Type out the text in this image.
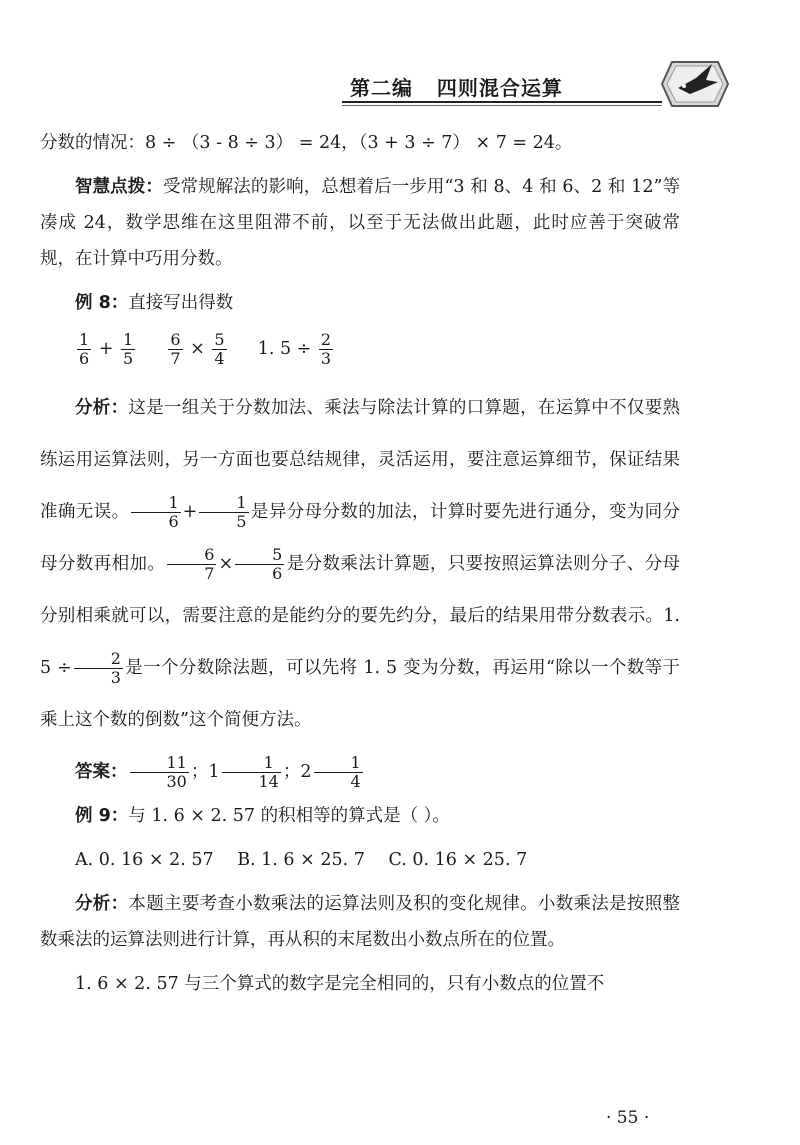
第二编   四则混合运算

分数的情况：8 ÷ （3 - 8 ÷ 3） = 24，（3 + 3 ÷ 7） × 7 = 24。

智慧点拨：受常规解法的影响，总想着后一步用“3 和 8、4 和 6、2 和 12”等凑成 24，数学思维在这里阻滞不前，以至于无法做出此题，此时应善于突破常规，在计算中巧用分数。

例 8：直接写出得数

$\frac{1}{6} + \frac{1}{5}$
$\frac{6}{7} \times \frac{5}{4} 1$. $5 \div \frac{2}{3}$

分析：这是一组关于分数加法、乘法与除法计算的口算题，在运算中不仅要熟练运用运算法则，另一方面也要总结规律，灵活运用，要注意运算细节，保证结果准确无误。 $\frac{1}{6} + \frac{1}{5}$ 是异分母分数的加法，计算时要先进行通分，变为同分母分数再相加。 $\frac{6}{7} \times \frac{5}{6}$ 是分数乘法计算题，只要按照运算法则分子、分母分别相乘就可以，需要注意的是能约分的要先约分，最后的结果用带分数表示。1. $5 \div \frac{2}{3}$ 是一个分数除法题，可以先将 1. 5 变为分数，再运用“除以一个数等于乘上这个数的倒数”这个简便方法。

答案： $\frac{11}{30}$ ；$1 \frac{1}{14}$ ；$2 \frac{1}{4}$

例 9：与 1. 6 × 2. 57 的积相等的算式是（ ）。

A. 0. 16 × 2. 57 B. 1. 6 × 25. 7 C. 0. 16 × 25. 7

分析：本题主要考查小数乘法的运算法则及积的变化规律。小数乘法是按照整数乘法的运算法则进行计算，再从积的末尾数出小数点所在的位置。

1. 6 × 2. 57 与三个算式的数字是完全相同的，只有小数点的位置不

· 55 ·
